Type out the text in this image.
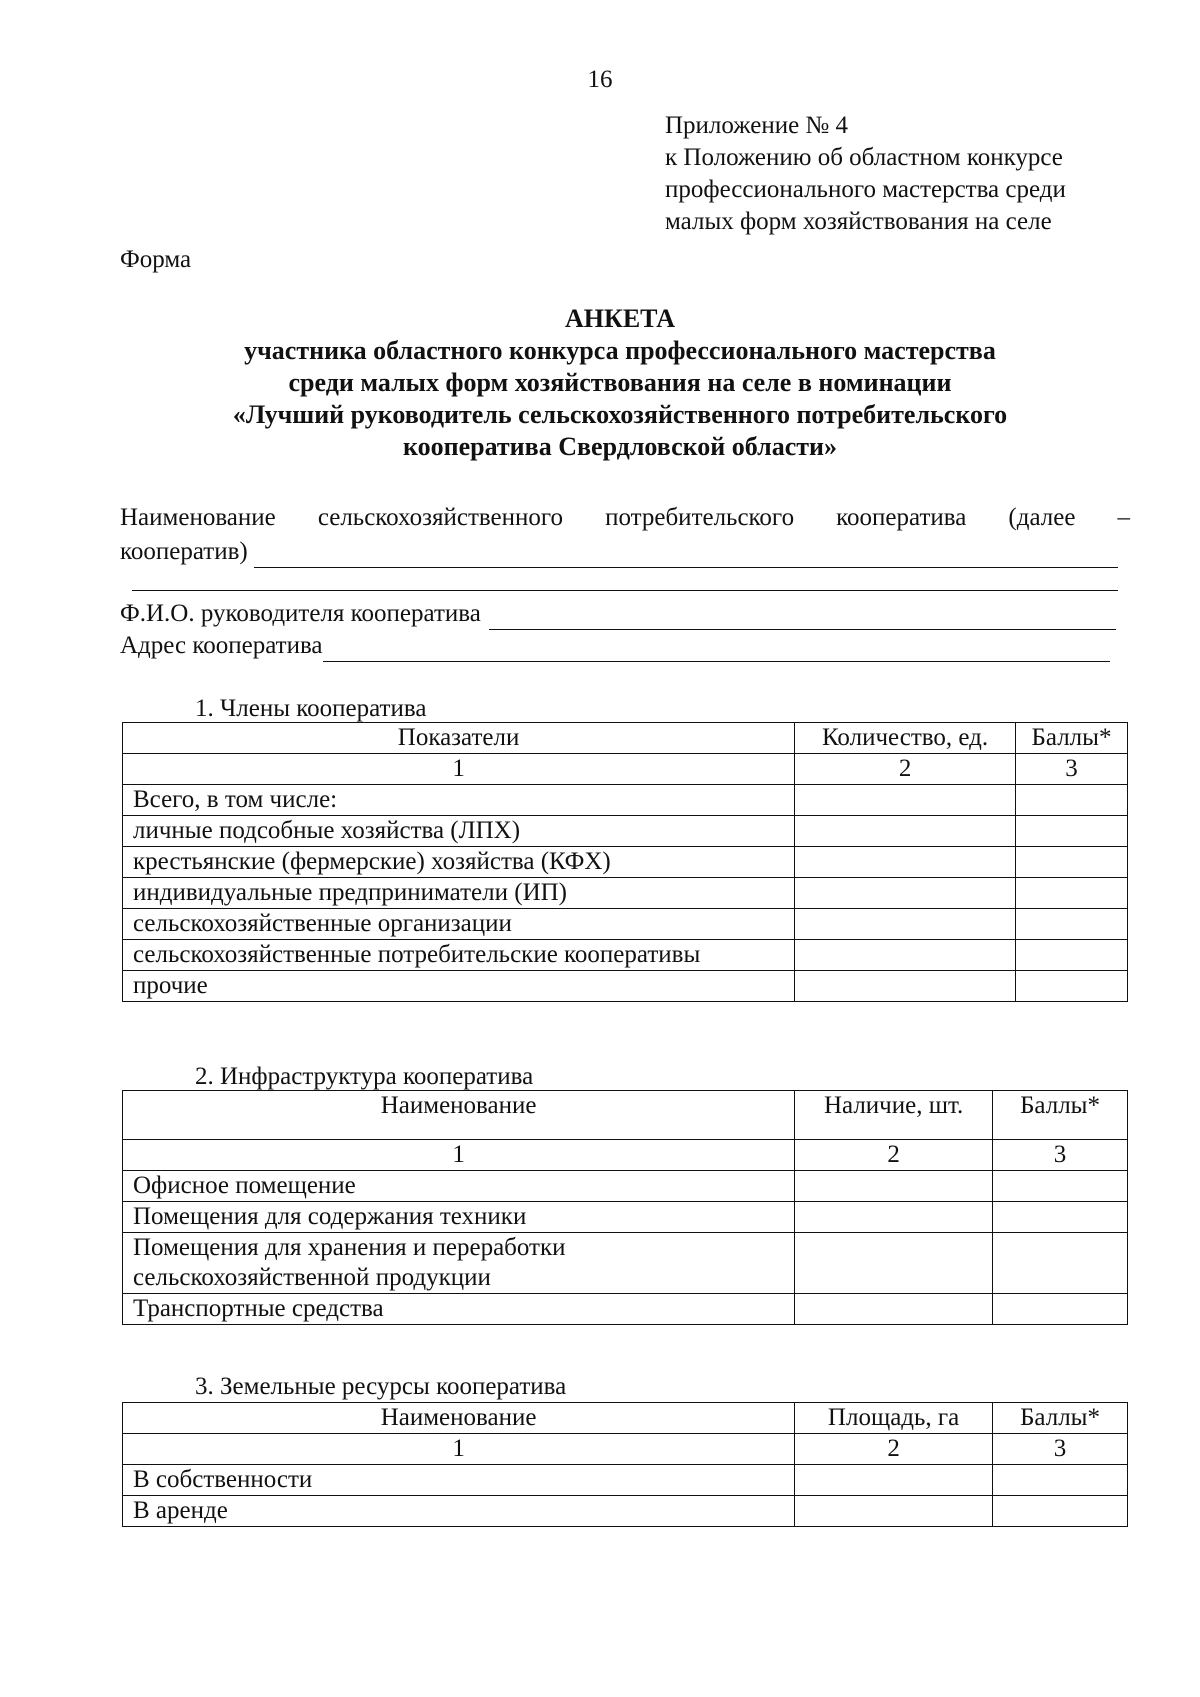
16
Приложение № 4
к Положению об областном конкурсе
профессионального мастерства среди
малых форм хозяйствования на селе
Форма
АНКЕТА
участника областного конкурса профессионального мастерства
среди малых форм хозяйствования на селе в номинации
«Лучший руководитель сельскохозяйственного потребительского
кооператива Свердловской области»
Наименование сельскохозяйственного потребительского кооператива (далее –
кооператив)
Ф.И.О. руководителя кооператива
Адрес кооператива
1. Члены кооператива
Показатели	Количество, ед.	Баллы*
1	2	3
Всего, в том числе:		
личные подсобные хозяйства (ЛПХ)		
крестьянские (фермерские) хозяйства (КФХ)		
индивидуальные предприниматели (ИП)		
сельскохозяйственные организации		
сельскохозяйственные потребительские кооперативы		
прочие		
2. Инфраструктура кооператива
Наименование	Наличие, шт.	Баллы*
1	2	3
Офисное помещение		
Помещения для содержания техники		

Помещения для хранения и переработки
сельскохозяйственной продукции		

Транспортные средства		
3. Земельные ресурсы кооператива
Наименование	Площадь, га	Баллы*
1	2	3
В собственности		
В аренде		
